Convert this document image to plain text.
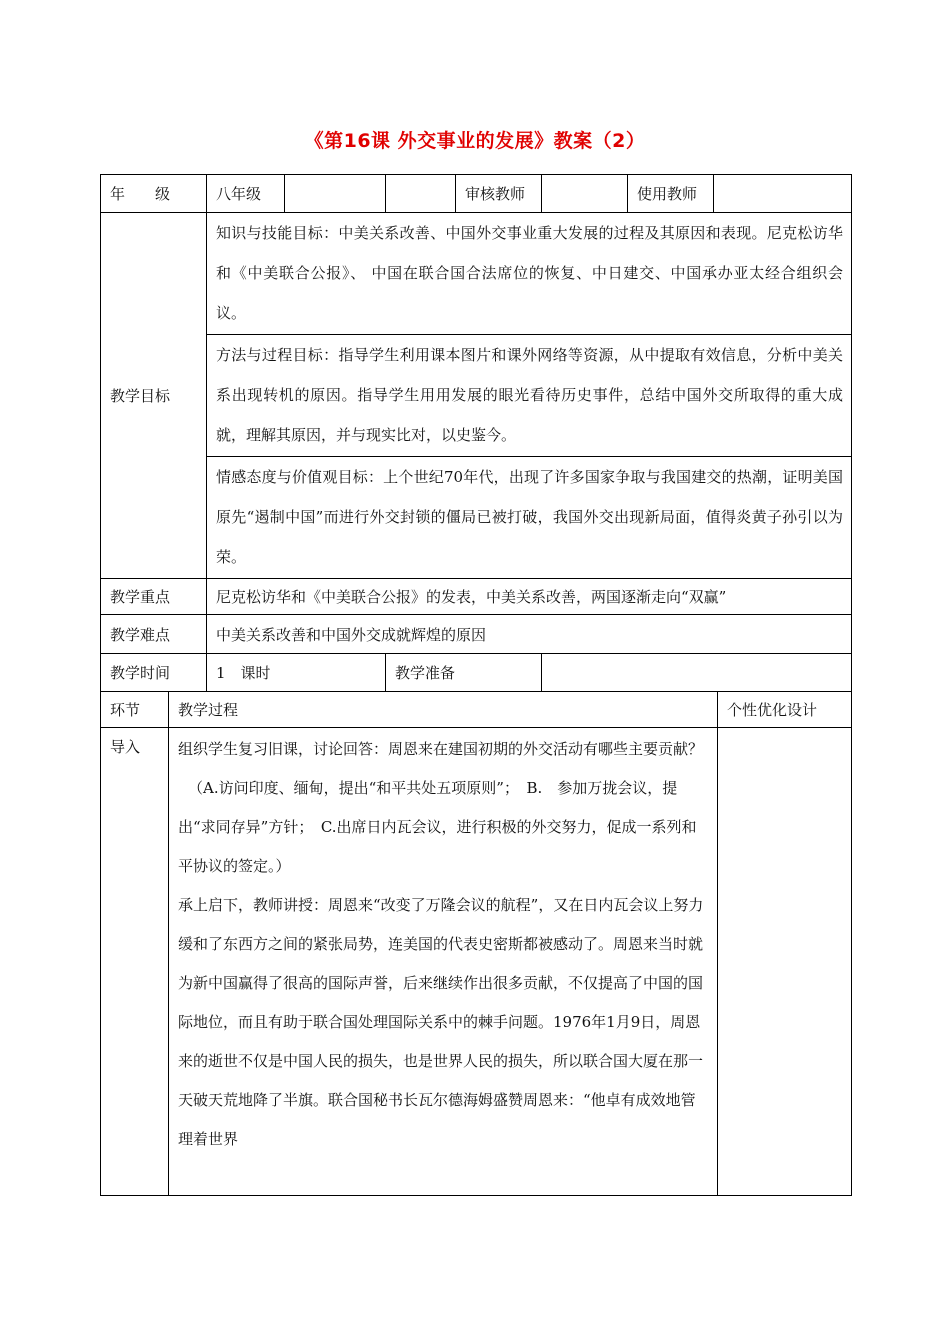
《第16课 外交事业的发展》教案（2）
年　　级	八年级			审核教师		使用教师	
教学目标	知识与技能目标：中美关系改善、中国外交事业重大发展的过程及其原因和表现。尼克松访华和《中美联合公报》、 中国在联合国合法席位的恢复、中日建交、中国承办亚太经合组织会议。						
	方法与过程目标：指导学生利用课本图片和课外网络等资源，从中提取有效信息，分析中美关系出现转机的原因。指导学生用用发展的眼光看待历史事件，总结中国外交所取得的重大成就，理解其原因，并与现实比对，以史鉴今。						
	情感态度与价值观目标：上个世纪70年代，出现了许多国家争取与我国建交的热潮，证明美国原先“遏制中国”而进行外交封锁的僵局已被打破，我国外交出现新局面，值得炎黄子孙引以为荣。						
教学重点	尼克松访华和《中美联合公报》的发表，中美关系改善，两国逐渐走向“双赢”						
教学难点	中美关系改善和中国外交成就辉煌的原因						
教学时间	1　课时		教学准备				
环节	教学过程	个性优化设计
导入	组织学生复习旧课，讨论回答：周恩来在建国初期的外交活动有哪些主要贡献？
（A.访问印度、缅甸，提出“和平共处五项原则”；　B.　参加万拢会议，提出“求同存异”方针；　C.出席日内瓦会议，进行积极的外交努力，促成一系列和平协议的签定。）
承上启下，教师讲授：周恩来“改变了万隆会议的航程”，又在日内瓦会议上努力缓和了东西方之间的紧张局势，连美国的代表史密斯都被感动了。周恩来当时就为新中国赢得了很高的国际声誉，后来继续作出很多贡献，不仅提高了中国的国际地位，而且有助于联合国处理国际关系中的棘手问题。1976年1月9日，周恩来的逝世不仅是中国人民的损失，也是世界人民的损失，所以联合国大厦在那一天破天荒地降了半旗。联合国秘书长瓦尔德海姆盛赞周恩来：“他卓有成效地管理着世界	
